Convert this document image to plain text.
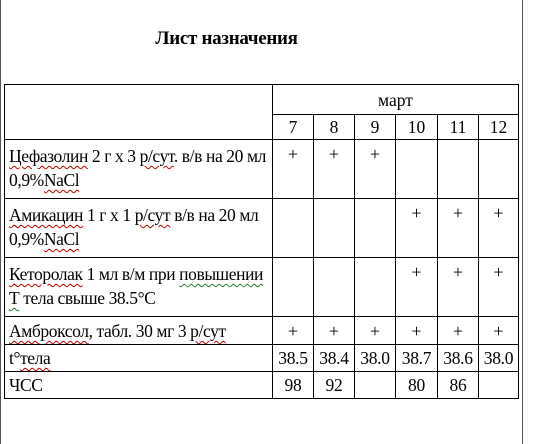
Лист назначения
	март					
	7	8	9	10	11	12

Цефазолин 2 г х 3 р/сут. в/в на 20 мл
0,9%NaCl	+	+	+			

Амикацин 1 г х 1 р/сут в/в на 20 мл
0,9%NaCl				+	+	+

Кеторолак 1 мл в/м при повышении
Т тела свыше 38.5°С				+	+	+

Амброксол, табл. 30 мг 3 р/сут	+	+	+	+	+	+
t°тела	38.5	38.4	38.0	38.7	38.6	38.0
ЧСС	98	92		80	86	
